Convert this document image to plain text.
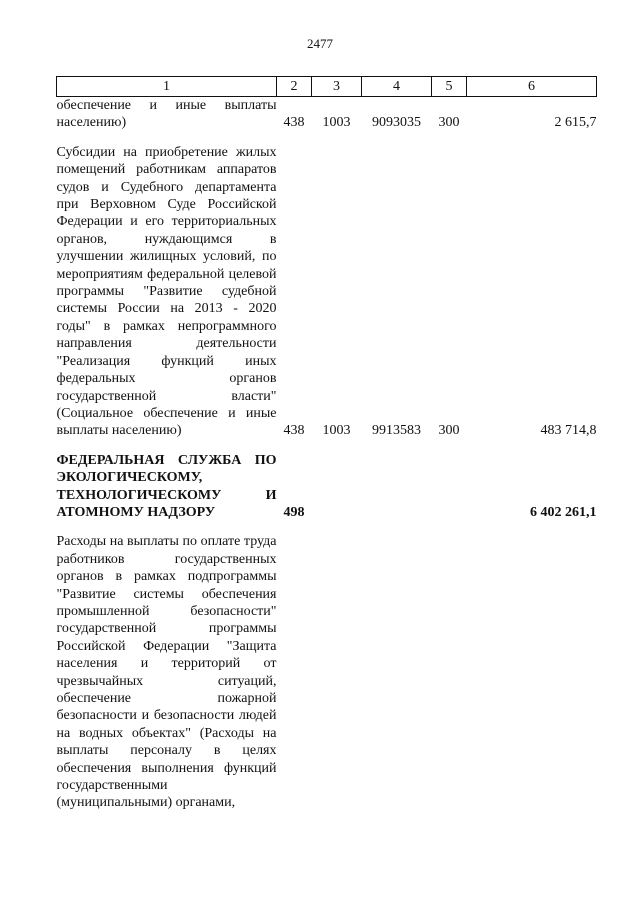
2477
1	2	3	4	5	6
обеспечение и иные выплаты населению)	438	1003	9093035	300	2 615,7

Субсидии на приобретение жилых помещений работникам аппаратов судов и Судебного департамента при Верховном Суде Российской Федерации и его территориальных органов, нуждающимся в улучшении жилищных условий, по мероприятиям федеральной целевой программы "Развитие судебной системы России на 2013 - 2020 годы" в рамках непрограммного направления деятельности "Реализация функций иных федеральных органов государственной власти" (Социальное обеспечение и иные выплаты населению)	438	1003	9913583	300	483 714,8

ФЕДЕРАЛЬНАЯ СЛУЖБА ПО ЭКОЛОГИЧЕСКОМУ, ТЕХНОЛОГИЧЕСКОМУ И АТОМНОМУ НАДЗОРУ	498				6 402 261,1

Расходы на выплаты по оплате труда работников государственных органов в рамках подпрограммы "Развитие системы обеспечения промышленной безопасности" государственной программы Российской Федерации "Защита населения и территорий от чрезвычайных ситуаций, обеспечение пожарной безопасности и безопасности людей на водных объектах" (Расходы на выплаты персоналу в целях обеспечения выполнения функций государственными (муниципальными) органами,					
